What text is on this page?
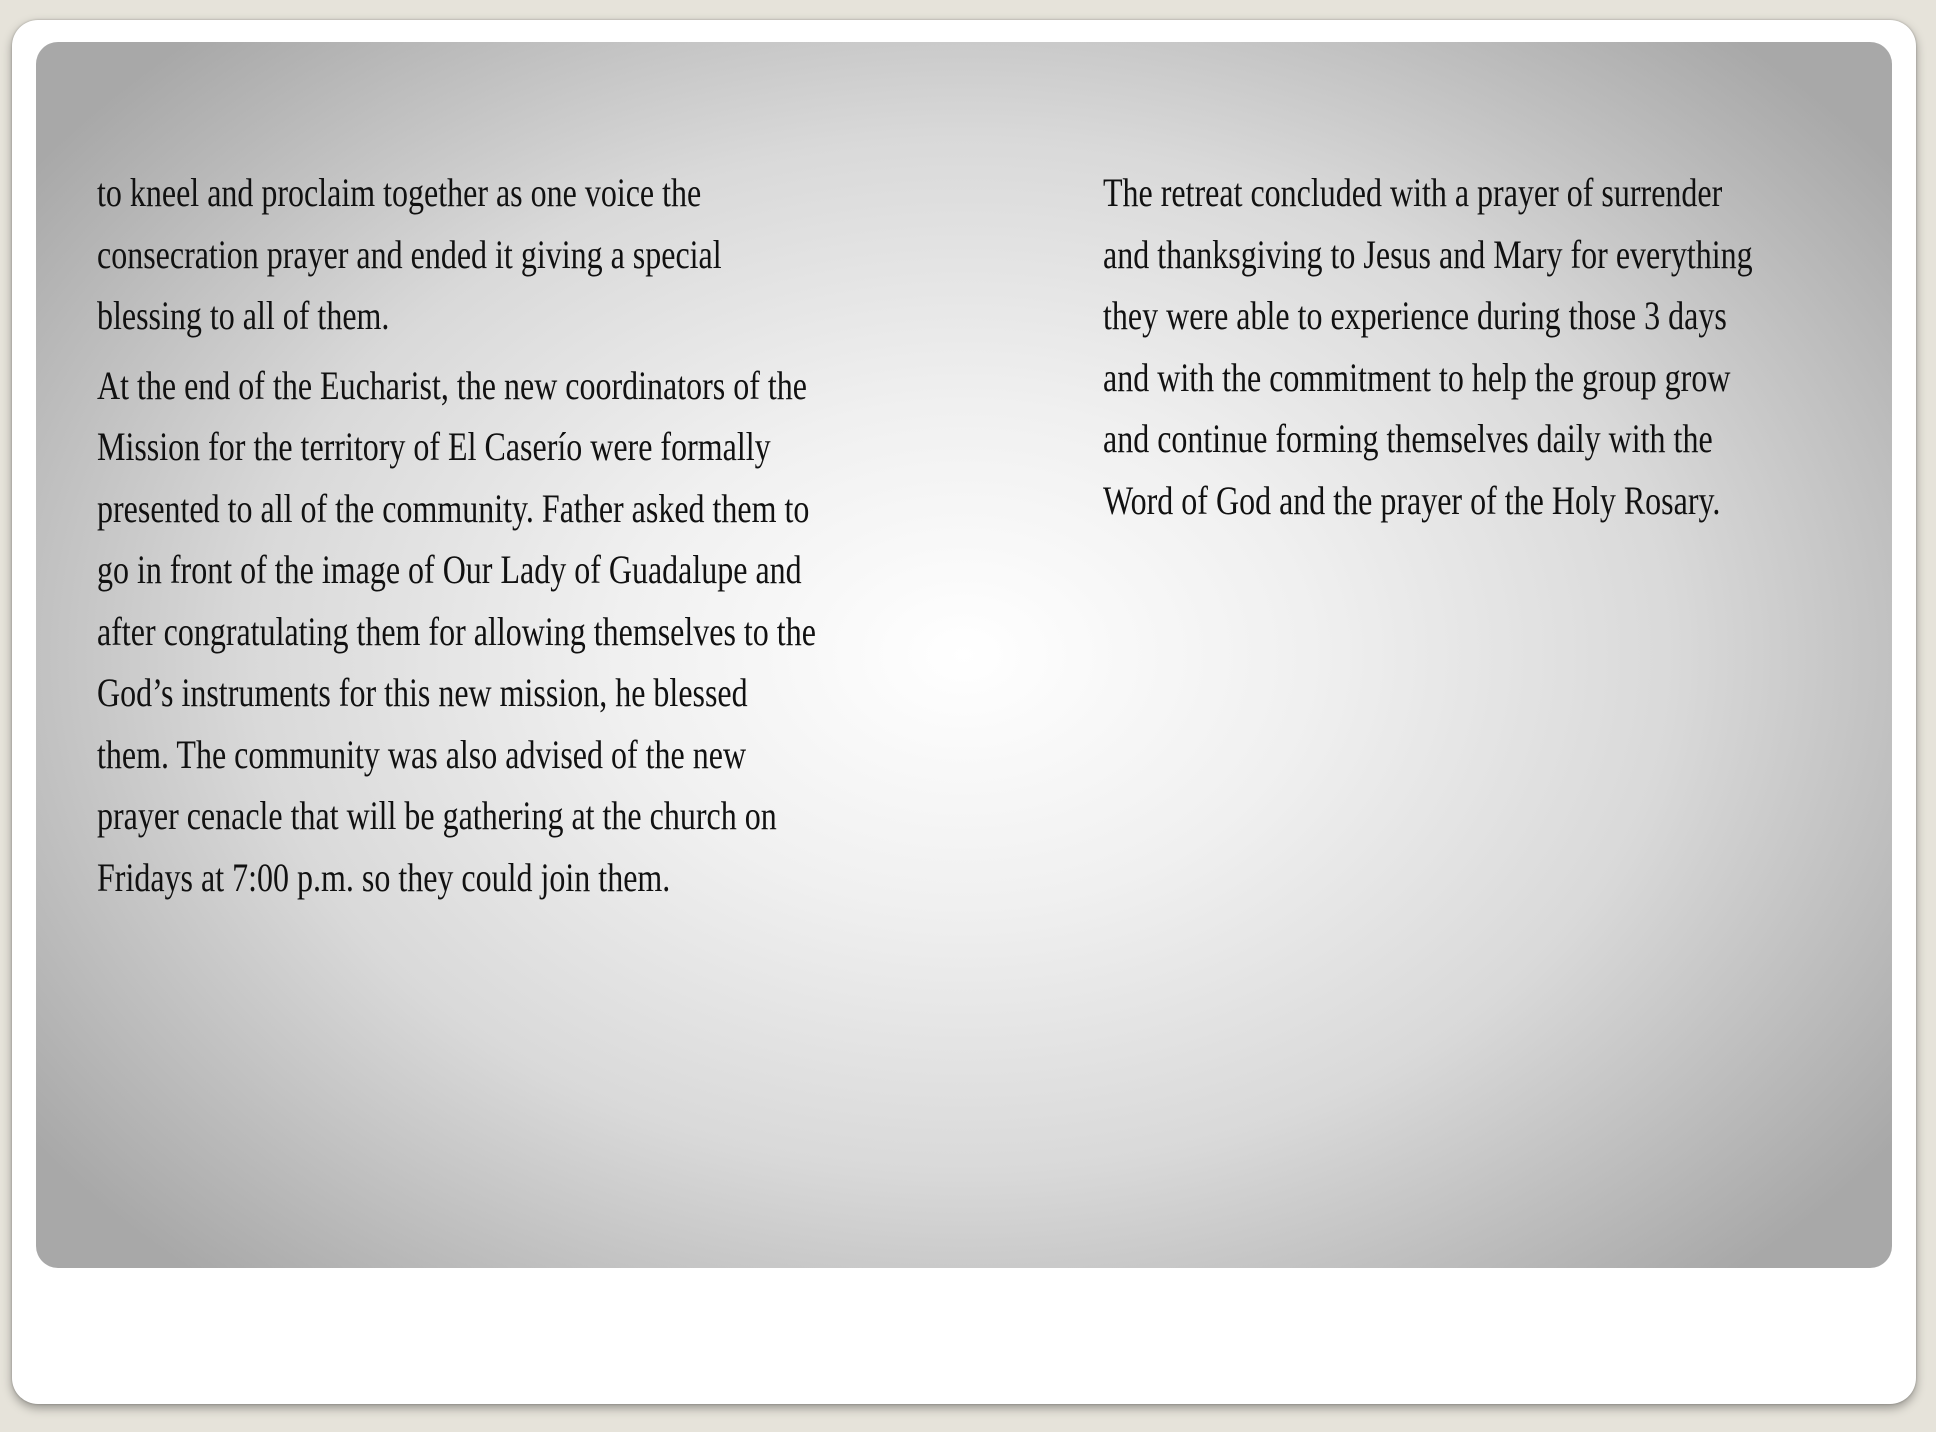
to kneel and proclaim together as one voice the
consecration prayer and ended it giving a special
blessing to all of them.

At the end of the Eucharist, the new coordinators of the
Mission for the territory of El Caserío were formally
presented to all of the community. Father asked them to
go in front of the image of Our Lady of Guadalupe and
after congratulating them for allowing themselves to the
God’s instruments for this new mission, he blessed
them. The community was also advised of the new
prayer cenacle that will be gathering at the church on
Fridays at 7:00 p.m. so they could join them.

The retreat concluded with a prayer of surrender
and thanksgiving to Jesus and Mary for everything
they were able to experience during those 3 days
and with the commitment to help the group grow
and continue forming themselves daily with the
Word of God and the prayer of the Holy Rosary.
